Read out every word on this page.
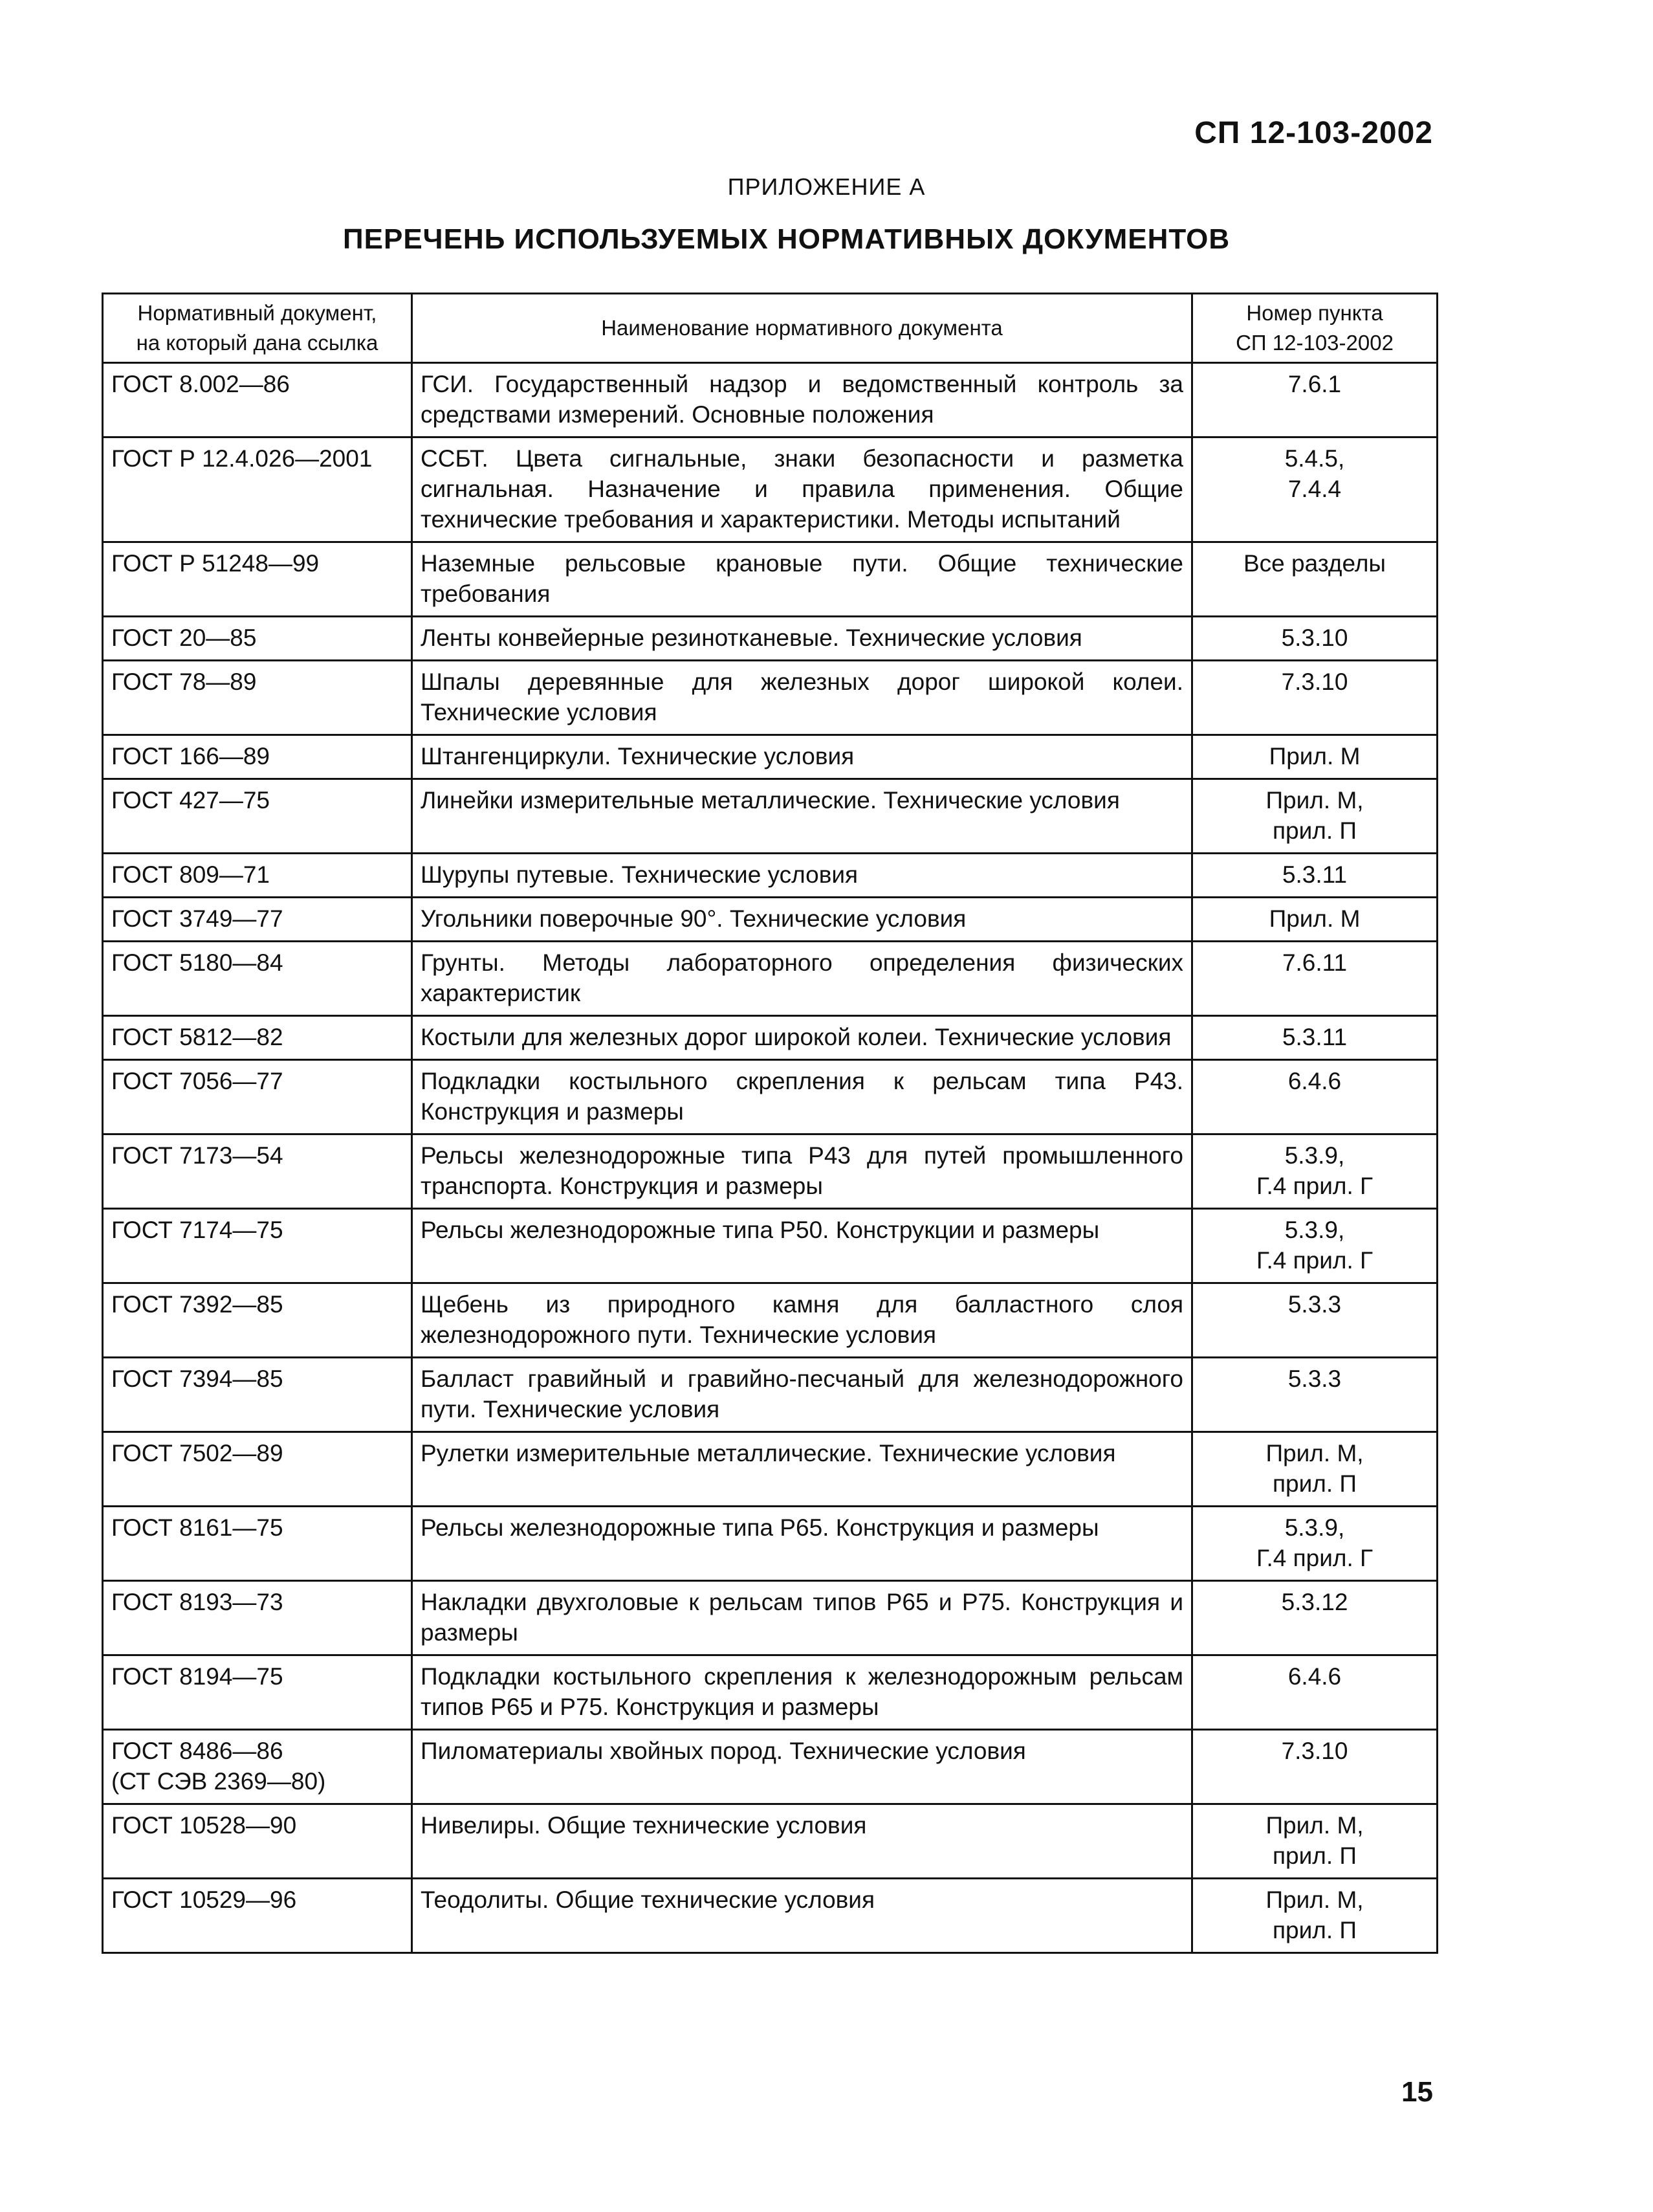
СП 12-103-2002
ПРИЛОЖЕНИЕ А
ПЕРЕЧЕНЬ ИСПОЛЬЗУЕМЫХ НОРМАТИВНЫХ ДОКУМЕНТОВ
Нормативный документ,
на который дана ссылка	Наименование нормативного документа	Номер пункта
СП 12-103-2002
ГОСТ 8.002—86	ГСИ. Государственный надзор и ведомственный контроль за средствами измерений. Основные положения	7.6.1
ГОСТ Р 12.4.026—2001	ССБТ. Цвета сигнальные, знаки безопасности и разметка сигнальная. Назначение и правила применения. Общие технические требования и характеристики. Методы испытаний	5.4.5,
7.4.4
ГОСТ Р 51248—99	Наземные рельсовые крановые пути. Общие технические требования	Все разделы
ГОСТ 20—85	Ленты конвейерные резинотканевые. Технические условия	5.3.10
ГОСТ 78—89	Шпалы деревянные для железных дорог широкой колеи. Технические условия	7.3.10
ГОСТ 166—89	Штангенциркули. Технические условия	Прил. М
ГОСТ 427—75	Линейки измерительные металлические. Технические условия	Прил. М,
прил. П
ГОСТ 809—71	Шурупы путевые. Технические условия	5.3.11
ГОСТ 3749—77	Угольники поверочные 90°. Технические условия	Прил. М
ГОСТ 5180—84	Грунты. Методы лабораторного определения физических характеристик	7.6.11
ГОСТ 5812—82	Костыли для железных дорог широкой колеи. Технические условия	5.3.11
ГОСТ 7056—77	Подкладки костыльного скрепления к рельсам типа Р43. Конструкция и размеры	6.4.6
ГОСТ 7173—54	Рельсы железнодорожные типа Р43 для путей промышленного транспорта. Конструкция и размеры	5.3.9,
Г.4 прил. Г
ГОСТ 7174—75	Рельсы железнодорожные типа Р50. Конструкции и размеры	5.3.9,
Г.4 прил. Г
ГОСТ 7392—85	Щебень из природного камня для балластного слоя железнодорожного пути. Технические условия	5.3.3
ГОСТ 7394—85	Балласт гравийный и гравийно-песчаный для железнодорожного пути. Технические условия	5.3.3
ГОСТ 7502—89	Рулетки измерительные металлические. Технические условия	Прил. М,
прил. П
ГОСТ 8161—75	Рельсы железнодорожные типа Р65. Конструкция и размеры	5.3.9,
Г.4 прил. Г
ГОСТ 8193—73	Накладки двухголовые к рельсам типов Р65 и Р75. Конструкция и размеры	5.3.12
ГОСТ 8194—75	Подкладки костыльного скрепления к железнодорожным рельсам типов Р65 и Р75. Конструкция и размеры	6.4.6
ГОСТ 8486—86
(СТ СЭВ 2369—80)	Пиломатериалы хвойных пород. Технические условия	7.3.10
ГОСТ 10528—90	Нивелиры. Общие технические условия	Прил. М,
прил. П
ГОСТ 10529—96	Теодолиты. Общие технические условия	Прил. М,
прил. П
15
